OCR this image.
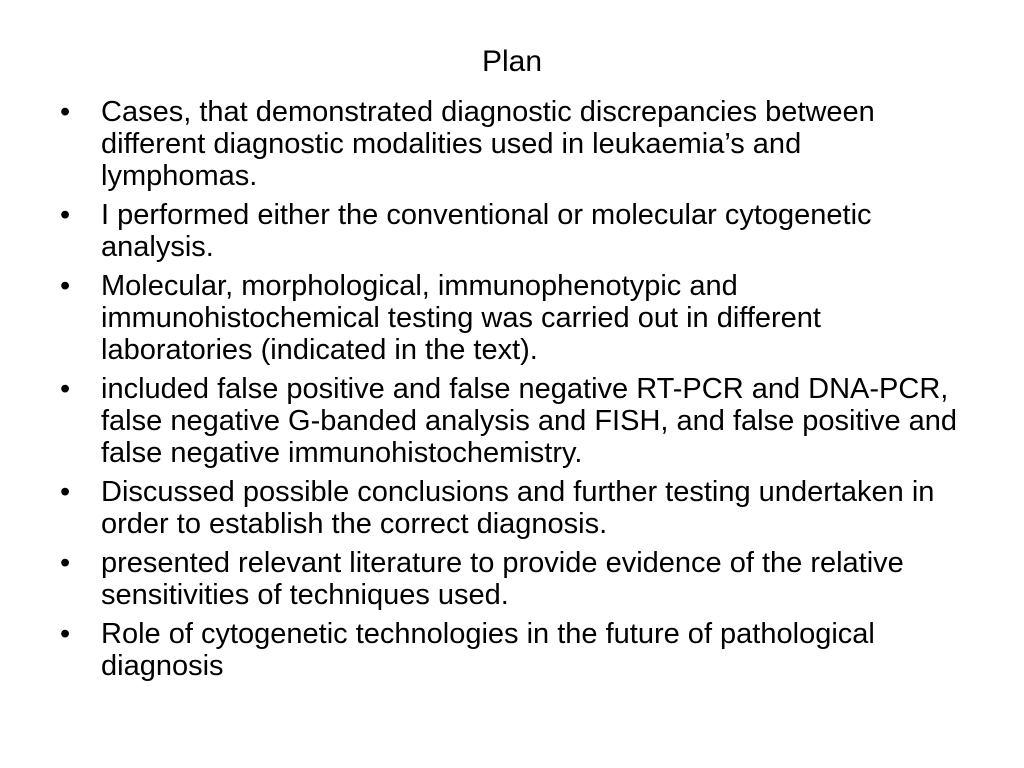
Plan
•	Cases, that demonstrated diagnostic discrepancies between different diagnostic modalities used in leukaemia’s and lymphomas.
•	I performed either the conventional or molecular cytogenetic analysis.
•	Molecular, morphological, immunophenotypic and immunohistochemical testing was carried out in different laboratories (indicated in the text).
•	included false positive and false negative RT-PCR and DNA-PCR, false negative G-banded analysis and FISH, and false positive and false negative immunohistochemistry.
•	Discussed possible conclusions and further testing undertaken in order to establish the correct diagnosis.
•	presented relevant literature to provide evidence of the relative sensitivities of techniques used.
•	Role of cytogenetic technologies in the future of pathological diagnosis
